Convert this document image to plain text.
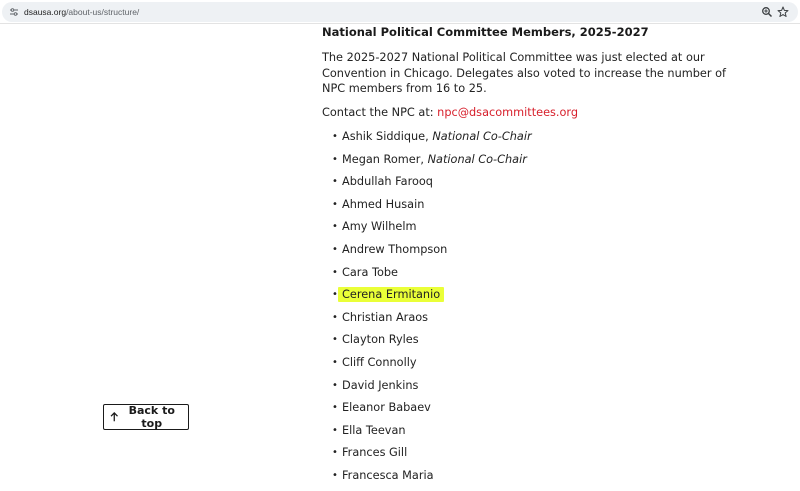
dsausa.org/about-us/structure/
National Political Committee Members, 2025-2027

The 2025-2027 National Political Committee was just elected at our Convention in Chicago. Delegates also voted to increase the number of NPC members from 16 to 25.

Contact the NPC at: npc@dsacommittees.org

• Ashik Siddique, National Co-Chair
• Megan Romer, National Co-Chair
• Abdullah Farooq
• Ahmed Husain
• Amy Wilhelm
• Andrew Thompson
• Cara Tobe
• Cerena Ermitanio
• Christian Araos
• Clayton Ryles
• Cliff Connolly
• David Jenkins
• Eleanor Babaev
• Ella Teevan
• Frances Gill
• Francesca Maria
Back to top
